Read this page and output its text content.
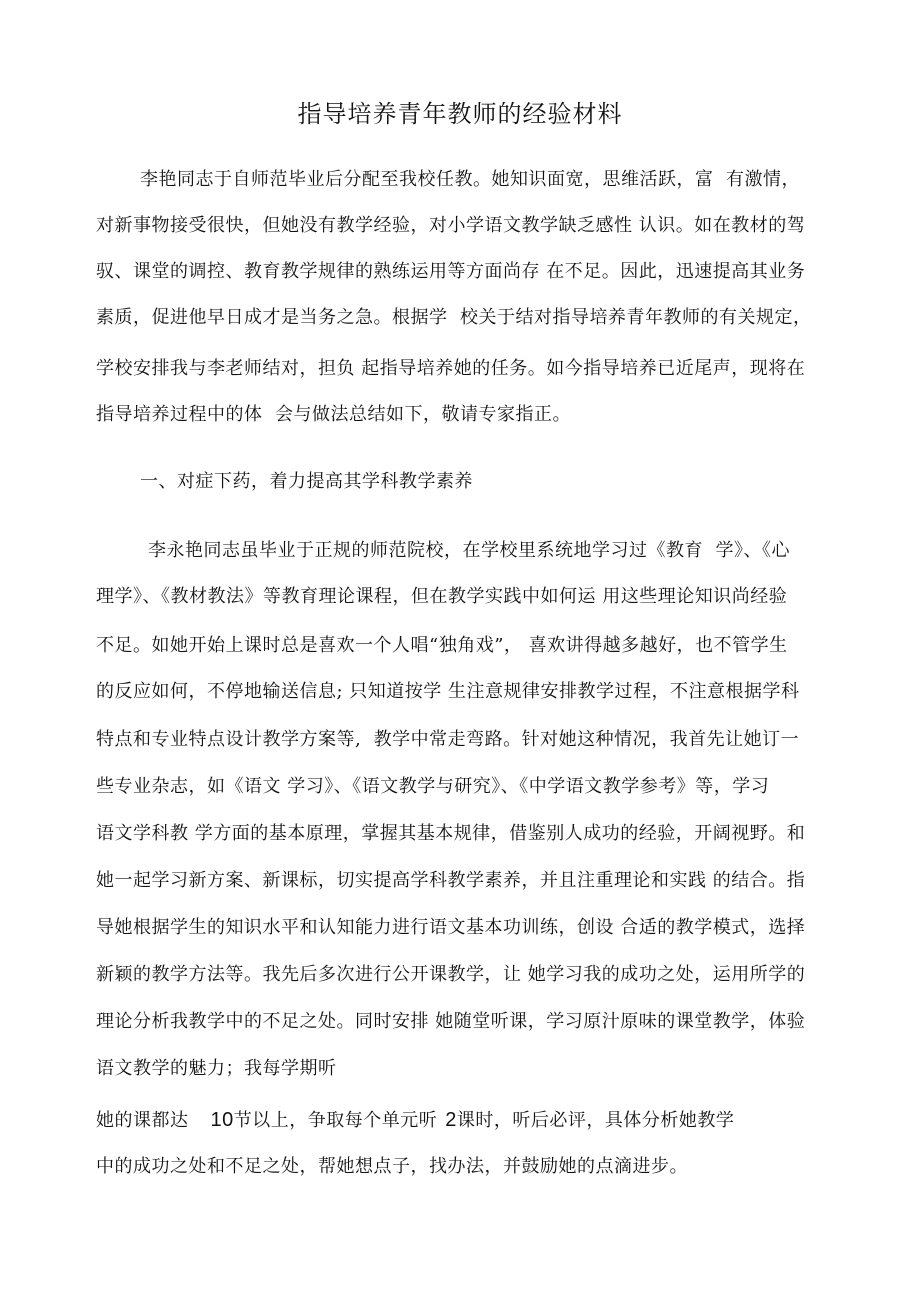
指导培养青年教师的经验材料
李艳同志于自师范毕业后分配至我校任教。她知识面宽，思维活跃，富  有激情，
对新事物接受很快，但她没有教学经验，对小学语文教学缺乏感性 认识。如在教材的驾
驭、课堂的调控、教育教学规律的熟练运用等方面尚存 在不足。因此，迅速提高其业务
素质，促进他早日成才是当务之急。根据学  校关于结对指导培养青年教师的有关规定，
学校安排我与李老师结对，担负 起指导培养她的任务。如今指导培养已近尾声，现将在
指导培养过程中的体  会与做法总结如下，敬请专家指正。
一、对症下药，着力提高其学科教学素养
李永艳同志虽毕业于正规的师范院校，在学校里系统地学习过《教育  学》、《心
理学》、《教材教法》等教育理论课程，但在教学实践中如何运 用这些理论知识尚经验
不足。如她开始上课时总是喜欢一个人唱“独角戏”， 喜欢讲得越多越好，也不管学生
的反应如何，不停地输送信息; 只知道按学 生注意规律安排教学过程，不注意根据学科
特点和专业特点设计教学方案等,  教学中常走弯路。针对她这种情况，我首先让她订一
些专业杂志，如《语文 学习》、《语文教学与研究》、《中学语文教学参考》等，学习
语文学科教 学方面的基本原理，掌握其基本规律，借鉴别人成功的经验，开阔视野。和
她一起学习新方案、新课标，切实提高学科教学素养，并且注重理论和实践 的结合。指
导她根据学生的知识水平和认知能力进行语文基本功训练，创设 合适的教学模式，选择
新颖的教学方法等。我先后多次进行公开课教学，让 她学习我的成功之处，运用所学的
理论分析我教学中的不足之处。同时安排 她随堂听课，学习原汁原味的课堂教学，体验
语文教学的魅力；我每学期听
她的课都达 10节以上，争取每个单元听 2课时，听后必评，具体分析她教学
中的成功之处和不足之处，帮她想点子，找办法，并鼓励她的点滴进步。
